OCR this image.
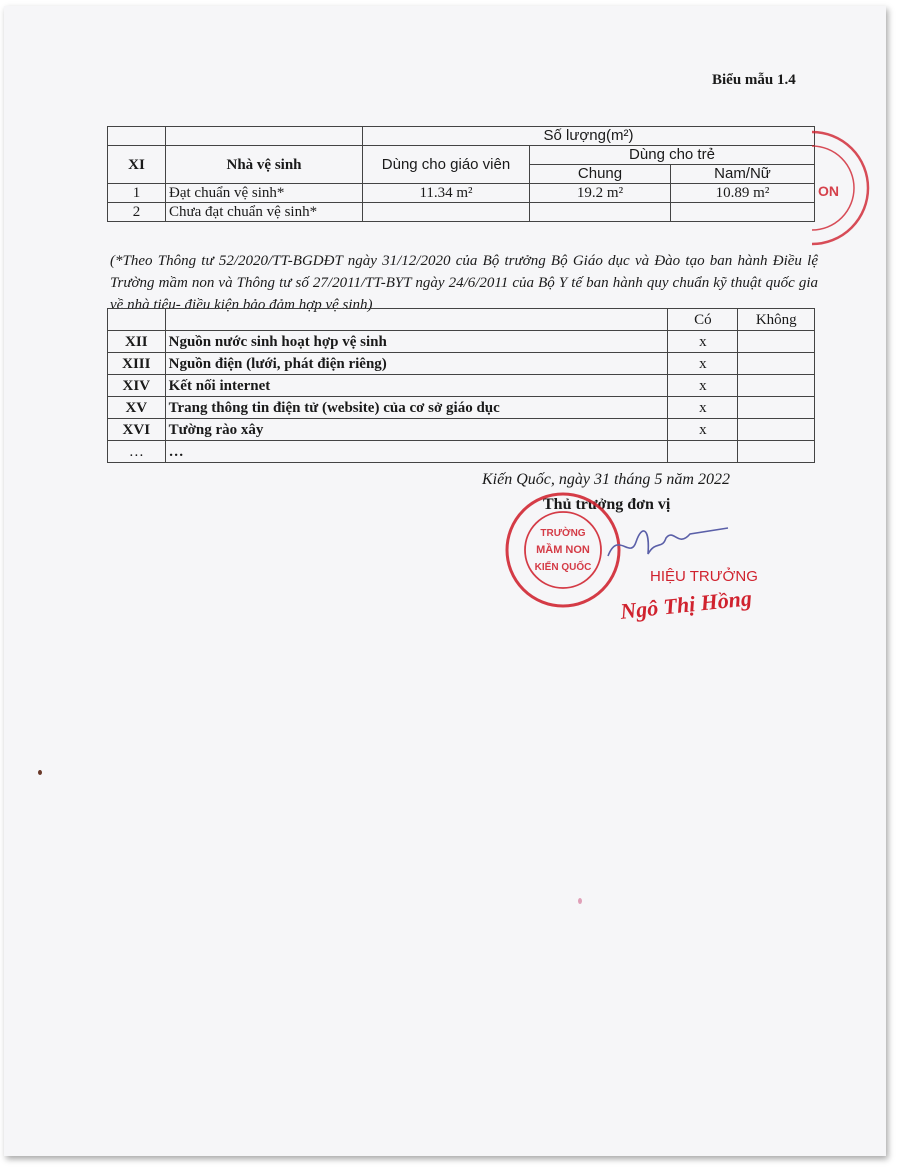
Biểu mẫu 1.4
		Số lượng(m²)		
XI	Nhà vệ sinh	Dùng cho giáo viên	Dùng cho trẻ	
			Chung	Nam/Nữ
1	Đạt chuẩn vệ sinh*	11.34 m²	19.2 m²	10.89 m²
2	Chưa đạt chuẩn vệ sinh*			
(*Theo Thông tư 52/2020/TT-BGDĐT ngày 31/12/2020 của Bộ trưởng Bộ Giáo dục và Đào tạo ban hành Điều lệ Trường mầm non và Thông tư số 27/2011/TT-BYT ngày 24/6/2011 của Bộ Y tế ban hành quy chuẩn kỹ thuật quốc gia về nhà tiêu- điều kiện bảo đảm hợp vệ sinh)
		Có	Không
XII	Nguồn nước sinh hoạt hợp vệ sinh	x	
XIII	Nguồn điện (lưới, phát điện riêng)	x	
XIV	Kết nối internet	x	
XV	Trang thông tin điện tử (website) của cơ sở giáo dục	x	
XVI	Tường rào xây	x	
…	…		
ON
Kiến Quốc, ngày 31 tháng 5 năm 2022
Thủ trưởng đơn vị
TRƯỜNG
MẦM NON
KIẾN QUỐC
HIỆU TRƯỞNG
Ngô Thị Hồng
